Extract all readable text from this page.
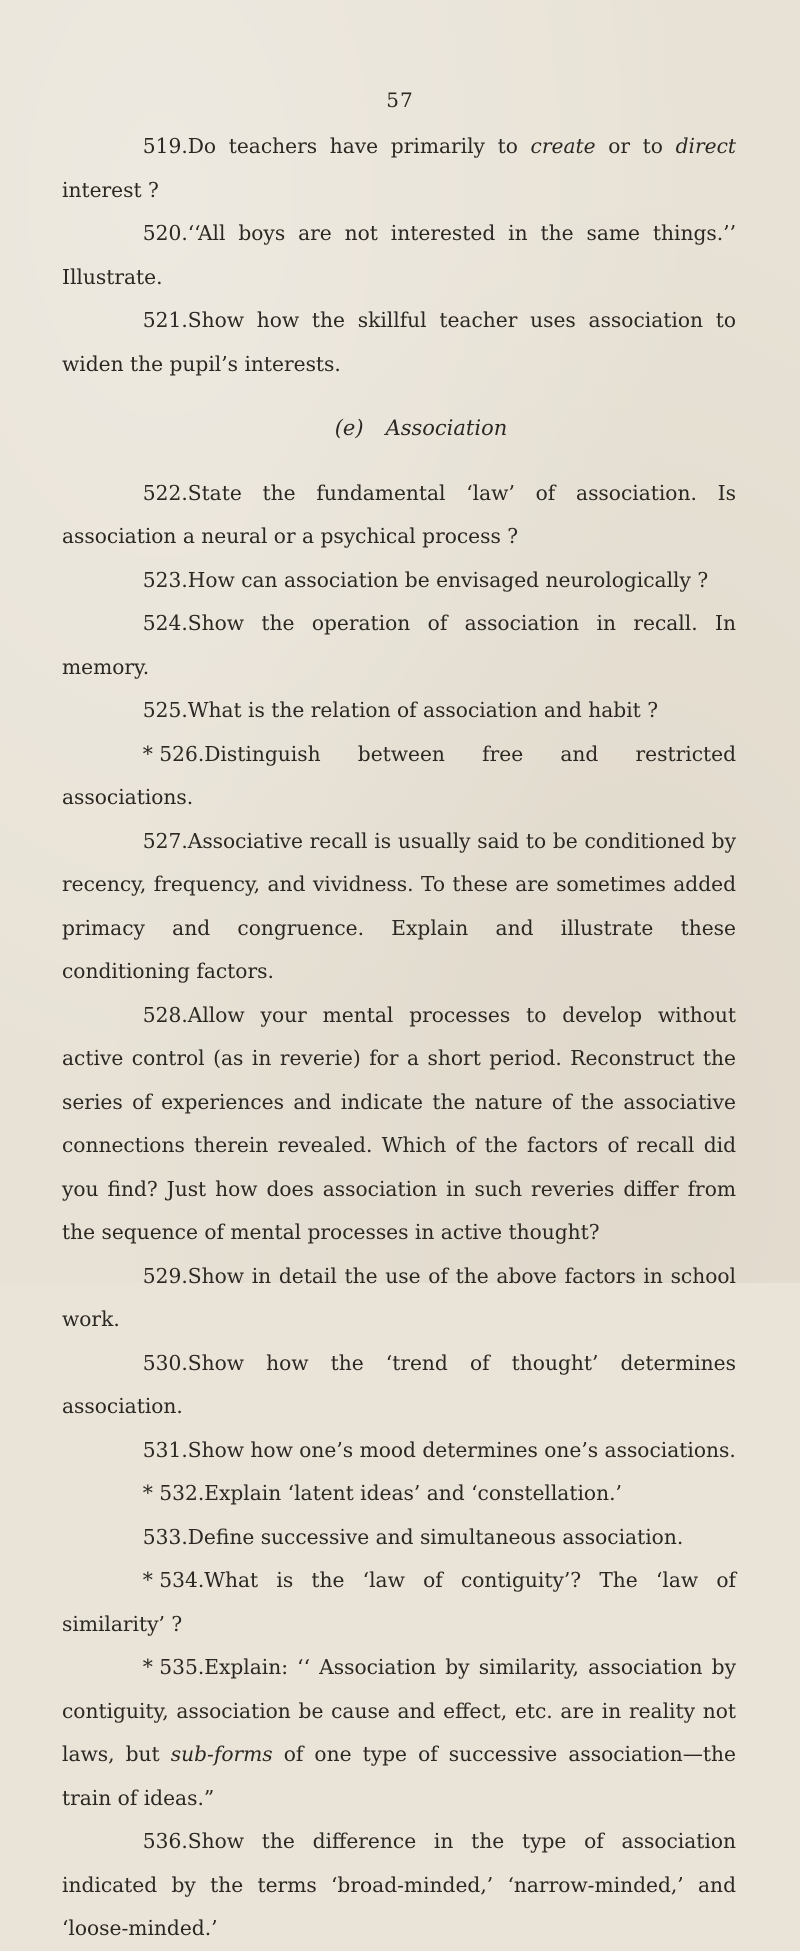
57

519.Do teachers have primarily to create or to direct interest ?

520.‘‘All boys are not interested in the same things.’’ Illustrate.

521.Show how the skillful teacher uses association to widen the pupil’s interests.

(e) Association

522.State the fundamental ‘law’ of association. Is association a neural or a psychical process ?

523.How can association be envisaged neurologically ?

524.Show the operation of association in recall. In memory.

525.What is the relation of association and habit ?

* 526.Distinguish between free and restricted associations.

527.Associative recall is usually said to be conditioned by recency, frequency, and vividness. To these are sometimes added primacy and congruence. Explain and illustrate these conditioning factors.

528.Allow your mental processes to develop without active control (as in reverie) for a short period. Reconstruct the series of experiences and indicate the nature of the associative connections therein revealed. Which of the factors of recall did you find? Just how does association in such reveries differ from the sequence of mental processes in active thought?

529.Show in detail the use of the above factors in school work.

530.Show how the ‘trend of thought’ determines association.

531.Show how one’s mood determines one’s associations.

* 532.Explain ‘latent ideas’ and ‘constellation.’

533.Define successive and simultaneous association.

* 534.What is the ‘law of contiguity’? The ‘law of similarity’ ?

* 535.Explain: ‘‘ Association by similarity, association by contiguity, association be cause and effect, etc. are in reality not laws, but sub-forms of one type of successive association—the train of ideas.”

536.Show the difference in the type of association indicated by the terms ‘broad-minded,’ ‘narrow-minded,’ and ‘loose-minded.’
